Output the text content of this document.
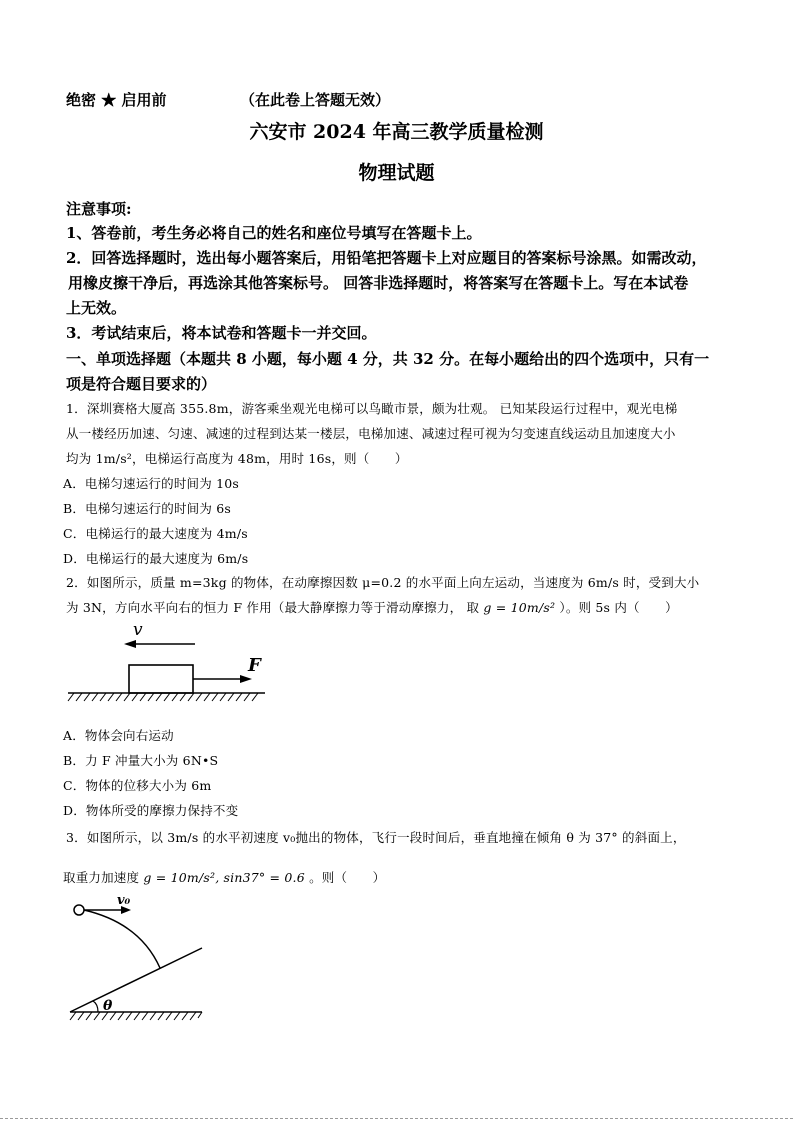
绝密 ★ 启用前	（在此卷上答题无效）
六安市 2024 年高三教学质量检测
物理试题
注意事项:
1、答卷前，考生务必将自己的姓名和座位号填写在答题卡上。
2．回答选择题时，选出每小题答案后，用铅笔把答题卡上对应题目的答案标号涂黑。如需改动，
用橡皮擦干净后，再选涂其他答案标号。 回答非选择题时，将答案写在答题卡上。写在本试卷
上无效。
3．考试结束后，将本试卷和答题卡一并交回。
一、单项选择题（本题共 8 小题，每小题 4 分，共 32 分。在每小题给出的四个选项中，只有一
项是符合题目要求的）
1．深圳赛格大厦高 355.8m，游客乘坐观光电梯可以鸟瞰市景，颇为壮观。 已知某段运行过程中，观光电梯
从一楼经历加速、匀速、减速的过程到达某一楼层，电梯加速、减速过程可视为匀变速直线运动且加速度大小
均为 1m/s²，电梯运行高度为 48m，用时 16s，则（　　）
A．电梯匀速运行的时间为 10s
B．电梯匀速运行的时间为 6s
C．电梯运行的最大速度为 4m/s
D．电梯运行的最大速度为 6m/s
2．如图所示，质量 m=3kg 的物体，在动摩擦因数 μ=0.2 的水平面上向左运动，当速度为 6m/s 时，受到大小
为 3N，方向水平向右的恒力 F 作用（最大静摩擦力等于滑动摩擦力， 取 g = 10m/s² ）。则 5s 内（　　）
v
F
A．物体会向右运动
B．力 F 冲量大小为 6N•S
C．物体的位移大小为 6m
D．物体所受的摩擦力保持不变
3．如图所示，以 3m/s 的水平初速度 v₀抛出的物体，飞行一段时间后，垂直地撞在倾角 θ 为 37° 的斜面上，
取重力加速度 g = 10m/s², sin37° = 0.6 。则（　　）
v₀
θ
